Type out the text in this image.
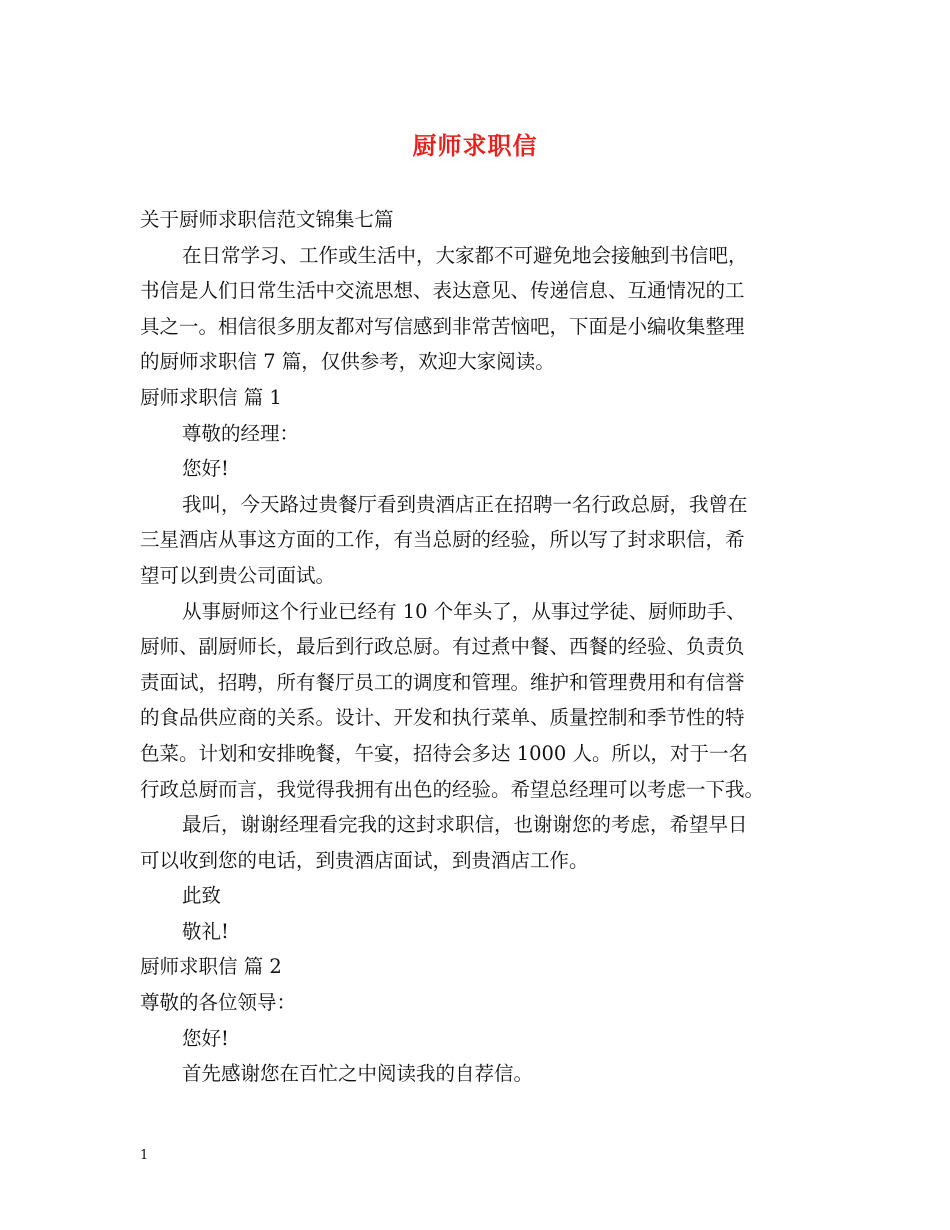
厨师求职信
关于厨师求职信范文锦集七篇
在日常学习、工作或生活中，大家都不可避免地会接触到书信吧，
书信是人们日常生活中交流思想、表达意见、传递信息、互通情况的工
具之一。相信很多朋友都对写信感到非常苦恼吧，下面是小编收集整理
的厨师求职信 7 篇，仅供参考，欢迎大家阅读。
厨师求职信 篇 1
尊敬的经理：
您好!
我叫，今天路过贵餐厅看到贵酒店正在招聘一名行政总厨，我曾在
三星酒店从事这方面的工作，有当总厨的经验，所以写了封求职信，希
望可以到贵公司面试。
从事厨师这个行业已经有 10 个年头了，从事过学徒、厨师助手、
厨师、副厨师长，最后到行政总厨。有过煮中餐、西餐的经验、负责负
责面试，招聘，所有餐厅员工的调度和管理。维护和管理费用和有信誉
的食品供应商的关系。设计、开发和执行菜单、质量控制和季节性的特
色菜。计划和安排晚餐，午宴，招待会多达 1000 人。所以，对于一名
行政总厨而言，我觉得我拥有出色的经验。希望总经理可以考虑一下我。
最后，谢谢经理看完我的这封求职信，也谢谢您的考虑，希望早日
可以收到您的电话，到贵酒店面试，到贵酒店工作。
此致
敬礼!
厨师求职信 篇 2
尊敬的各位领导：
您好!
首先感谢您在百忙之中阅读我的自荐信。
1
